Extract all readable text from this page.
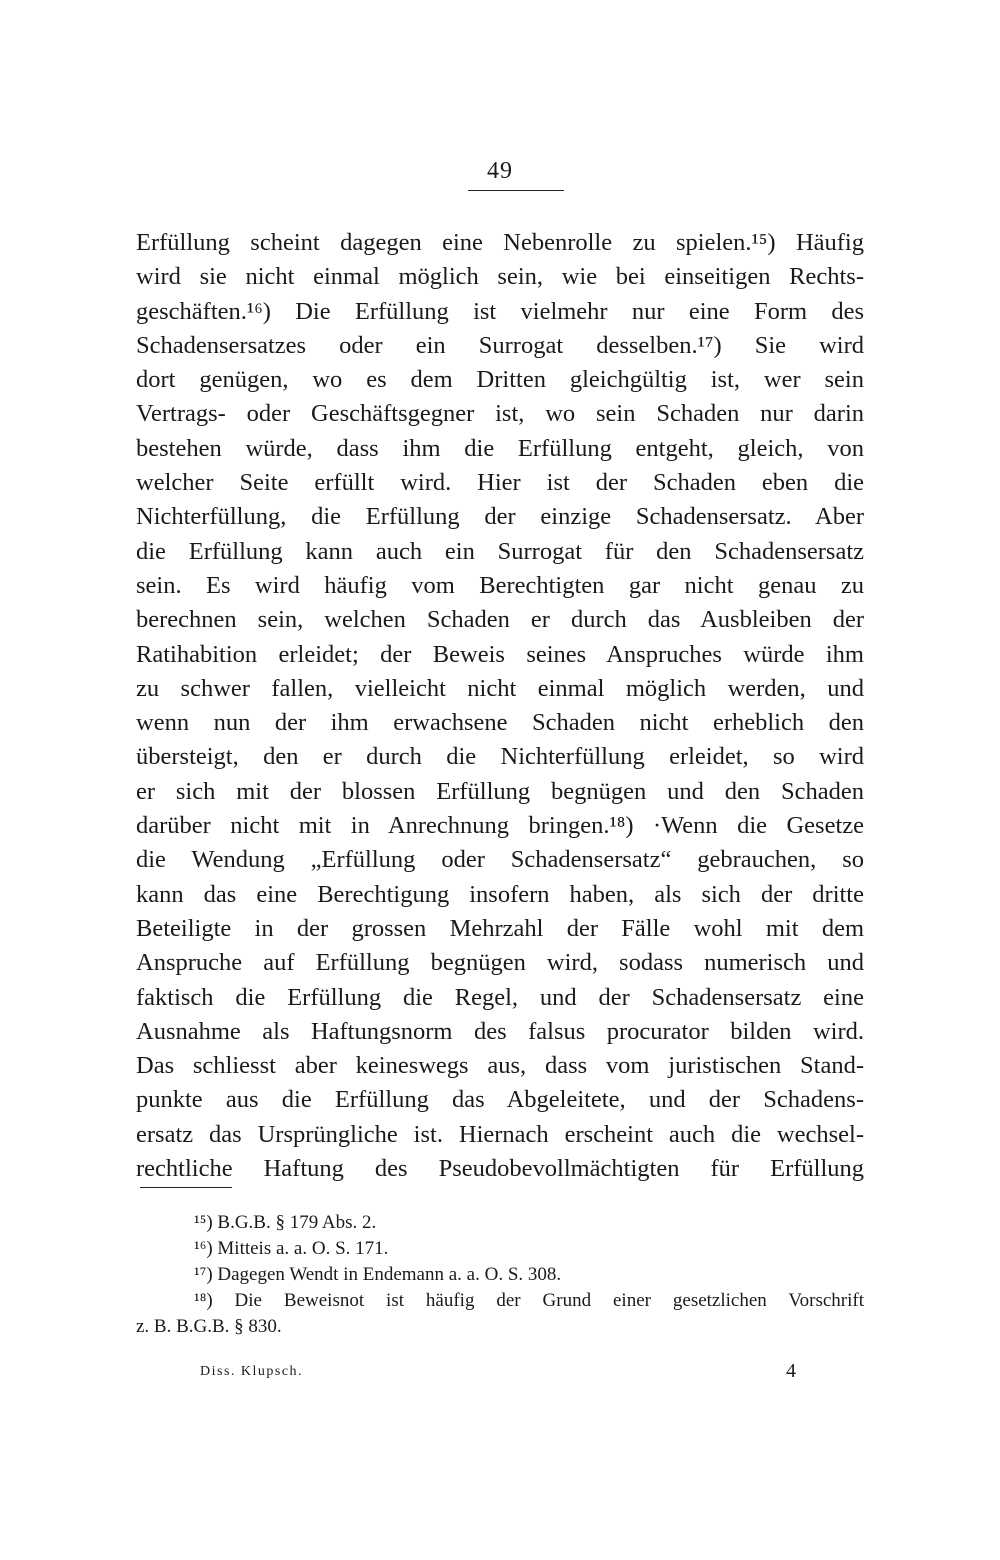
49
Erfüllung scheint dagegen eine Nebenrolle zu spielen.¹⁵) Häufig
wird sie nicht einmal möglich sein, wie bei einseitigen Rechts-
geschäften.¹⁶) Die Erfüllung ist vielmehr nur eine Form des
Schadensersatzes oder ein Surrogat desselben.¹⁷) Sie wird
dort genügen, wo es dem Dritten gleichgültig ist, wer sein
Vertrags- oder Geschäftsgegner ist, wo sein Schaden nur darin
bestehen würde, dass ihm die Erfüllung entgeht, gleich, von
welcher Seite erfüllt wird. Hier ist der Schaden eben die
Nichterfüllung, die Erfüllung der einzige Schadensersatz. Aber
die Erfüllung kann auch ein Surrogat für den Schadensersatz
sein. Es wird häufig vom Berechtigten gar nicht genau zu
berechnen sein, welchen Schaden er durch das Ausbleiben der
Ratihabition erleidet; der Beweis seines Anspruches würde ihm
zu schwer fallen, vielleicht nicht einmal möglich werden, und
wenn nun der ihm erwachsene Schaden nicht erheblich den
übersteigt, den er durch die Nichterfüllung erleidet, so wird
er sich mit der blossen Erfüllung begnügen und den Schaden
darüber nicht mit in Anrechnung bringen.¹⁸) ·Wenn die Gesetze
die Wendung „Erfüllung oder Schadensersatz“ gebrauchen, so
kann das eine Berechtigung insofern haben, als sich der dritte
Beteiligte in der grossen Mehrzahl der Fälle wohl mit dem
Anspruche auf Erfüllung begnügen wird, sodass numerisch und
faktisch die Erfüllung die Regel, und der Schadensersatz eine
Ausnahme als Haftungsnorm des falsus procurator bilden wird.
Das schliesst aber keineswegs aus, dass vom juristischen Stand-
punkte aus die Erfüllung das Abgeleitete, und der Schadens-
ersatz das Ursprüngliche ist. Hiernach erscheint auch die wechsel-
rechtliche Haftung des Pseudobevollmächtigten für Erfüllung
¹⁵) B.G.B. § 179 Abs. 2.
¹⁶) Mitteis a. a. O. S. 171.
¹⁷) Dagegen Wendt in Endemann a. a. O. S. 308.
¹⁸) Die Beweisnot ist häufig der Grund einer gesetzlichen Vorschrift
z. B. B.G.B. § 830.
Diss. Klupsch.	4
